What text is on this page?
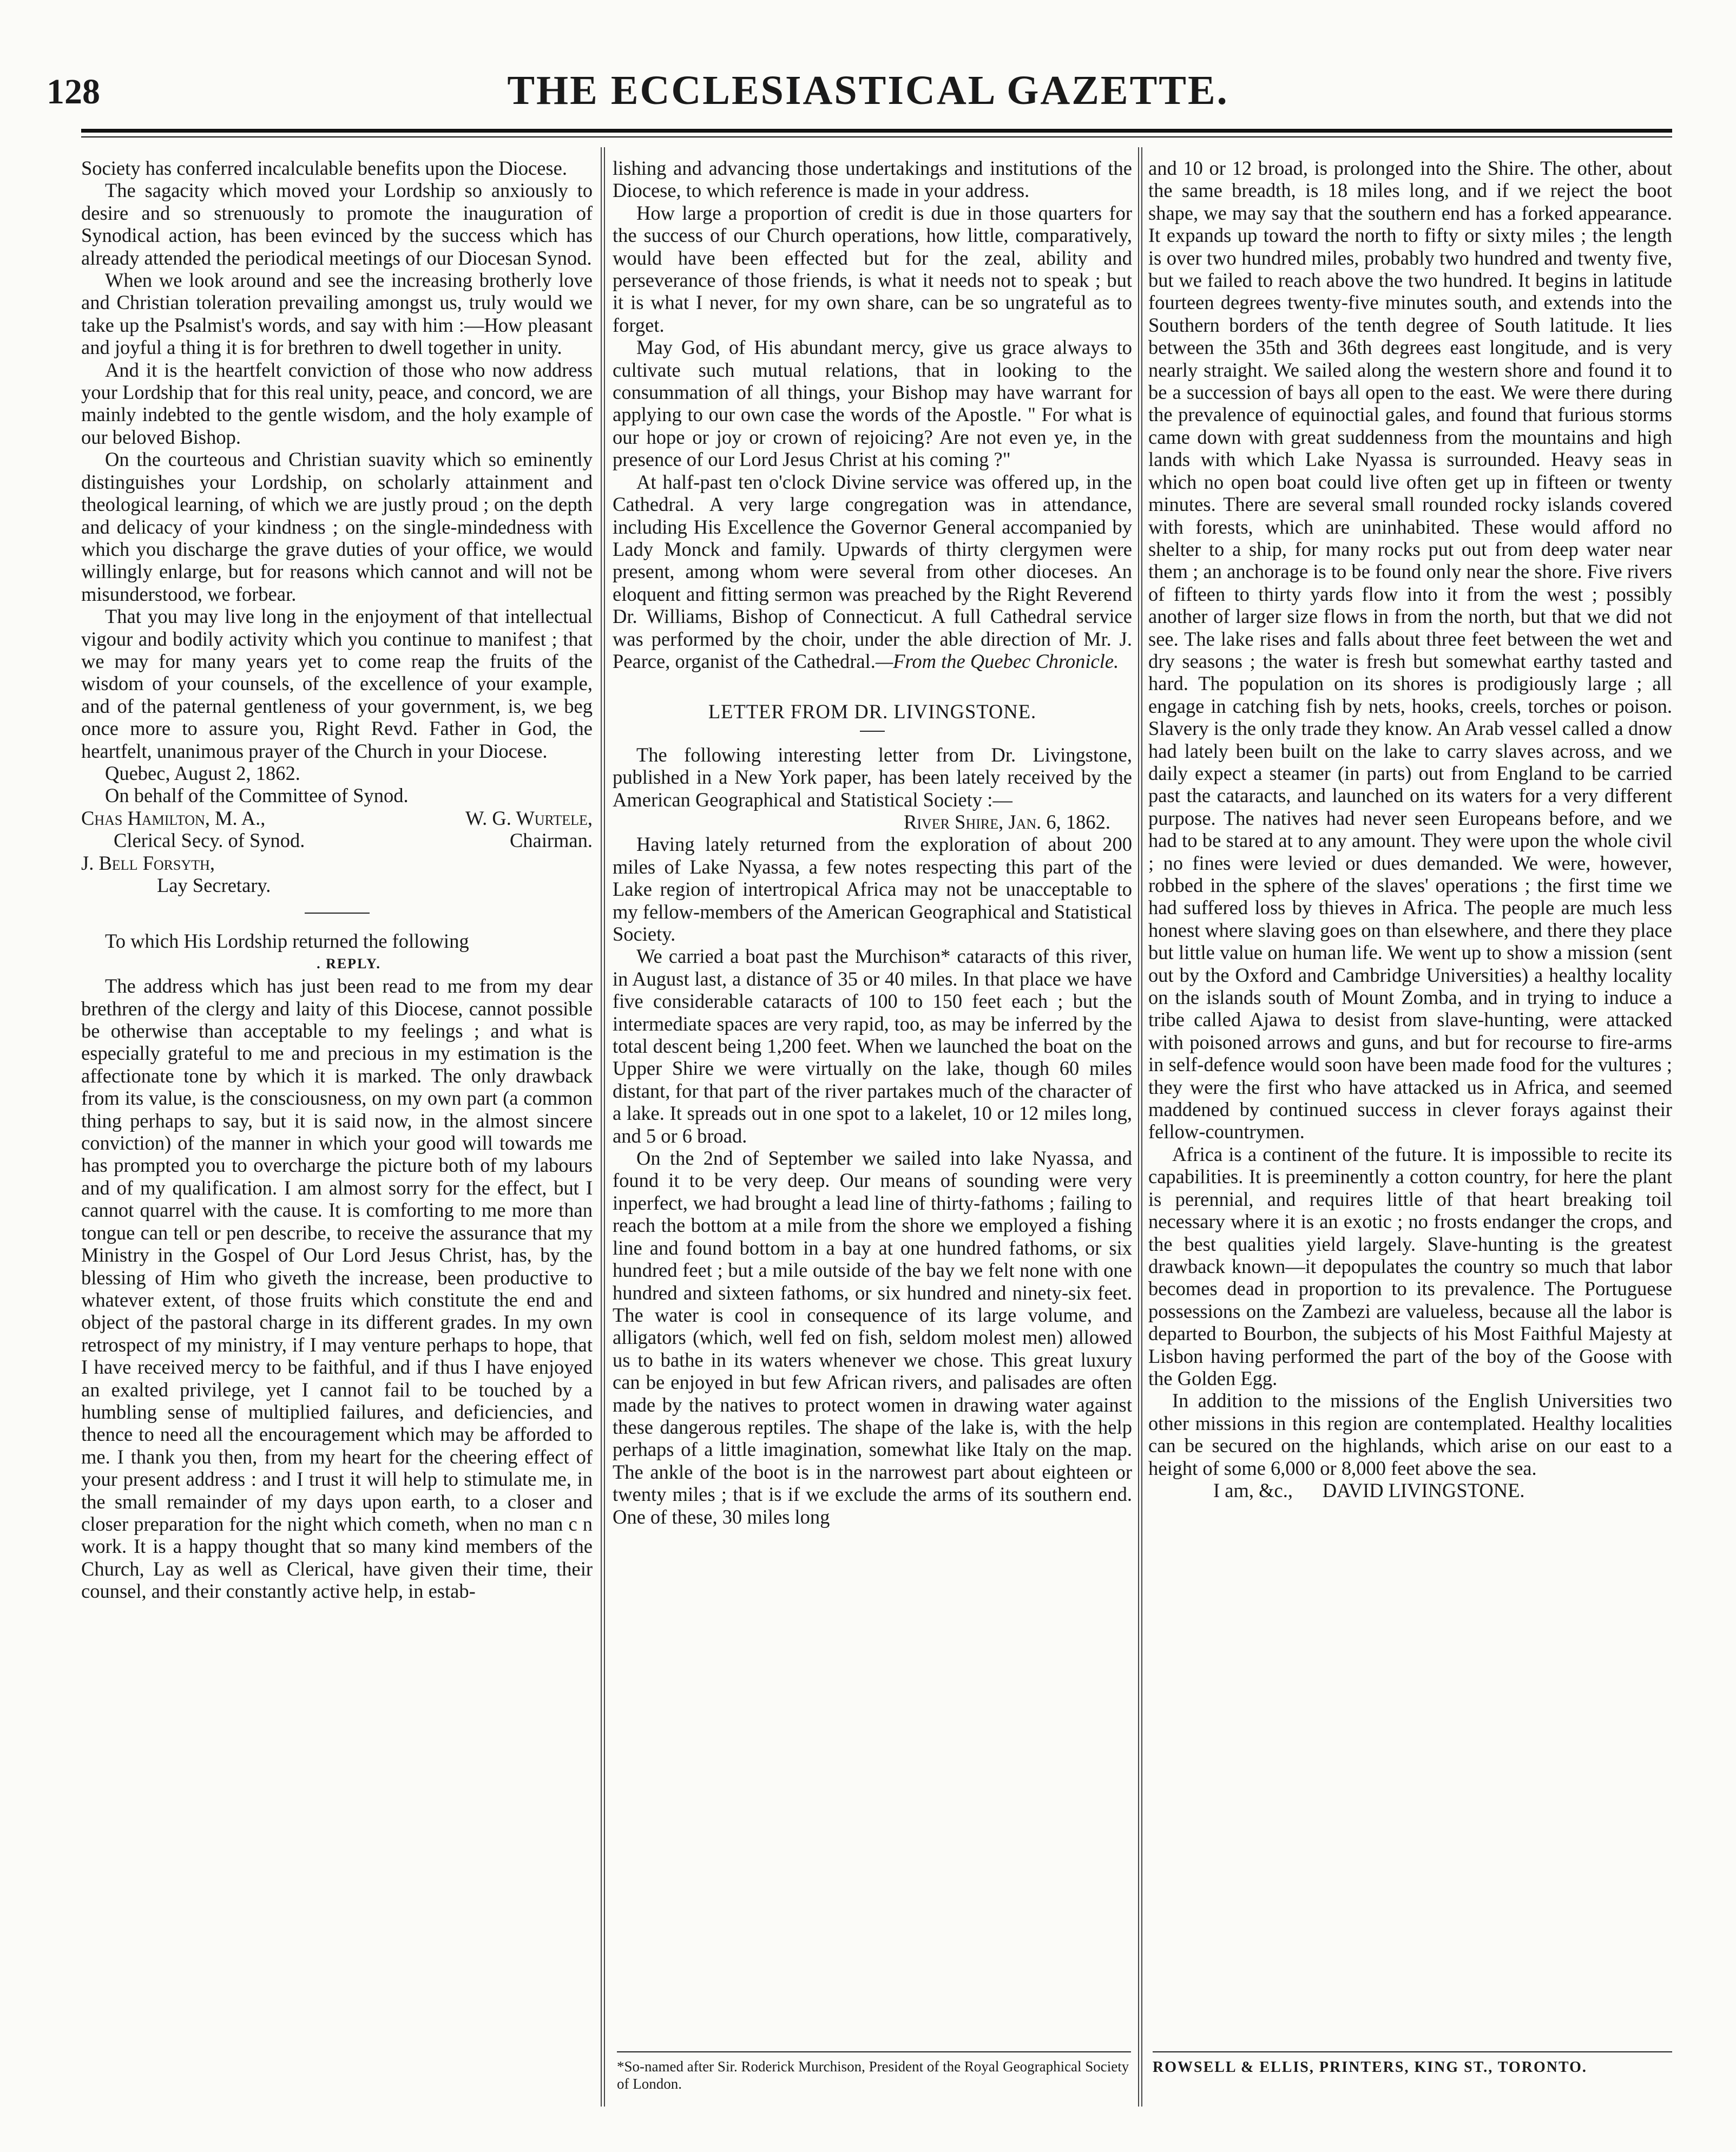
128	THE ECCLESIASTICAL GAZETTE.

Society has conferred incalculable benefits upon the Diocese.

The sagacity which moved your Lordship so anxiously to desire and so strenuously to promote the inauguration of Synodical action, has been evinced by the success which has already attended the periodical meetings of our Diocesan Synod.

When we look around and see the increasing brotherly love and Christian toleration prevailing amongst us, truly would we take up the Psalmist's words, and say with him :—How pleasant and joyful a thing it is for brethren to dwell together in unity.

And it is the heartfelt conviction of those who now address your Lordship that for this real unity, peace, and concord, we are mainly indebted to the gentle wisdom, and the holy example of our beloved Bishop.

On the courteous and Christian suavity which so eminently distinguishes your Lordship, on scholarly attainment and theological learning, of which we are justly proud ; on the depth and delicacy of your kindness ; on the single-mindedness with which you discharge the grave duties of your office, we would willingly enlarge, but for reasons which cannot and will not be misunderstood, we forbear.

That you may live long in the enjoyment of that intellectual vigour and bodily activity which you continue to manifest ; that we may for many years yet to come reap the fruits of the wisdom of your counsels, of the excellence of your example, and of the paternal gentleness of your government, is, we beg once more to assure you, Right Revd. Father in God, the heartfelt, unanimous prayer of the Church in your Diocese.

Quebec, August 2, 1862.

On behalf of the Committee of Synod.

Chas Hamilton, M. A.,	W. G. Wurtele,
Clerical Secy. of Synod.	Chairman.

J. Bell Forsyth,

Lay Secretary.

To which His Lordship returned the following

. REPLY.

The address which has just been read to me from my dear brethren of the clergy and laity of this Diocese, cannot possible be otherwise than acceptable to my feelings ; and what is especially grateful to me and precious in my estimation is the affectionate tone by which it is marked. The only drawback from its value, is the consciousness, on my own part (a common thing perhaps to say, but it is said now, in the almost sincere conviction) of the manner in which your good will towards me has prompted you to overcharge the picture both of my labours and of my qualification. I am almost sorry for the effect, but I cannot quarrel with the cause. It is comforting to me more than tongue can tell or pen describe, to receive the assurance that my Ministry in the Gospel of Our Lord Jesus Christ, has, by the blessing of Him who giveth the increase, been productive to whatever extent, of those fruits which constitute the end and object of the pastoral charge in its different grades. In my own retrospect of my ministry, if I may venture perhaps to hope, that I have received mercy to be faithful, and if thus I have enjoyed an exalted privilege, yet I cannot fail to be touched by a humbling sense of multiplied failures, and deficiencies, and thence to need all the encouragement which may be afforded to me. I thank you then, from my heart for the cheering effect of your present address : and I trust it will help to stimulate me, in the small remainder of my days upon earth, to a closer and closer preparation for the night which cometh, when no man c n work. It is a happy thought that so many kind members of the Church, Lay as well as Clerical, have given their time, their counsel, and their constantly active help, in estab-

lishing and advancing those undertakings and institutions of the Diocese, to which reference is made in your address.

How large a proportion of credit is due in those quarters for the success of our Church operations, how little, comparatively, would have been effected but for the zeal, ability and perseverance of those friends, is what it needs not to speak ; but it is what I never, for my own share, can be so ungrateful as to forget.

May God, of His abundant mercy, give us grace always to cultivate such mutual relations, that in looking to the consummation of all things, your Bishop may have warrant for applying to our own case the words of the Apostle. " For what is our hope or joy or crown of rejoicing? Are not even ye, in the presence of our Lord Jesus Christ at his coming ?"

At half-past ten o'clock Divine service was offered up, in the Cathedral. A very large congregation was in attendance, including His Excellence the Governor General accompanied by Lady Monck and family. Upwards of thirty clergymen were present, among whom were several from other dioceses. An eloquent and fitting sermon was preached by the Right Reverend Dr. Williams, Bishop of Connecticut. A full Cathedral service was performed by the choir, under the able direction of Mr. J. Pearce, organist of the Cathedral.—From the Quebec Chronicle.

LETTER FROM DR. LIVINGSTONE.

The following interesting letter from Dr. Livingstone, published in a New York paper, has been lately received by the American Geographical and Statistical Society :—

River Shire, Jan. 6, 1862.

Having lately returned from the exploration of about 200 miles of Lake Nyassa, a few notes respecting this part of the Lake region of intertropical Africa may not be unacceptable to my fellow-members of the American Geographical and Statistical Society.

We carried a boat past the Murchison* cataracts of this river, in August last, a distance of 35 or 40 miles. In that place we have five considerable cataracts of 100 to 150 feet each ; but the intermediate spaces are very rapid, too, as may be inferred by the total descent being 1,200 feet. When we launched the boat on the Upper Shire we were virtually on the lake, though 60 miles distant, for that part of the river partakes much of the character of a lake. It spreads out in one spot to a lakelet, 10 or 12 miles long, and 5 or 6 broad.

On the 2nd of September we sailed into lake Nyassa, and found it to be very deep. Our means of sounding were very inperfect, we had brought a lead line of thirty-fathoms ; failing to reach the bottom at a mile from the shore we employed a fishing line and found bottom in a bay at one hundred fathoms, or six hundred feet ; but a mile outside of the bay we felt none with one hundred and sixteen fathoms, or six hundred and ninety-six feet. The water is cool in consequence of its large volume, and alligators (which, well fed on fish, seldom molest men) allowed us to bathe in its waters whenever we chose. This great luxury can be enjoyed in but few African rivers, and palisades are often made by the natives to protect women in drawing water against these dangerous reptiles. The shape of the lake is, with the help perhaps of a little imagination, somewhat like Italy on the map. The ankle of the boot is in the narrowest part about eighteen or twenty miles ; that is if we exclude the arms of its southern end. One of these, 30 miles long

and 10 or 12 broad, is prolonged into the Shire. The other, about the same breadth, is 18 miles long, and if we reject the boot shape, we may say that the southern end has a forked appearance. It expands up toward the north to fifty or sixty miles ; the length is over two hundred miles, probably two hundred and twenty five, but we failed to reach above the two hundred. It begins in latitude fourteen degrees twenty-five minutes south, and extends into the Southern borders of the tenth degree of South latitude. It lies between the 35th and 36th degrees east longitude, and is very nearly straight. We sailed along the western shore and found it to be a succession of bays all open to the east. We were there during the prevalence of equinoctial gales, and found that furious storms came down with great suddenness from the mountains and high lands with which Lake Nyassa is surrounded. Heavy seas in which no open boat could live often get up in fifteen or twenty minutes. There are several small rounded rocky islands covered with forests, which are uninhabited. These would afford no shelter to a ship, for many rocks put out from deep water near them ; an anchorage is to be found only near the shore. Five rivers of fifteen to thirty yards flow into it from the west ; possibly another of larger size flows in from the north, but that we did not see. The lake rises and falls about three feet between the wet and dry seasons ; the water is fresh but somewhat earthy tasted and hard. The population on its shores is prodigiously large ; all engage in catching fish by nets, hooks, creels, torches or poison. Slavery is the only trade they know. An Arab vessel called a dnow had lately been built on the lake to carry slaves across, and we daily expect a steamer (in parts) out from England to be carried past the cataracts, and launched on its waters for a very different purpose. The natives had never seen Europeans before, and we had to be stared at to any amount. They were upon the whole civil ; no fines were levied or dues demanded. We were, however, robbed in the sphere of the slaves' operations ; the first time we had suffered loss by thieves in Africa. The people are much less honest where slaving goes on than elsewhere, and there they place but little value on human life. We went up to show a mission (sent out by the Oxford and Cambridge Universities) a healthy locality on the islands south of Mount Zomba, and in trying to induce a tribe called Ajawa to desist from slave-hunting, were attacked with poisoned arrows and guns, and but for recourse to fire-arms in self-defence would soon have been made food for the vultures ; they were the first who have attacked us in Africa, and seemed maddened by continued success in clever forays against their fellow-countrymen.

Africa is a continent of the future. It is impossible to recite its capabilities. It is preeminently a cotton country, for here the plant is perennial, and requires little of that heart breaking toil necessary where it is an exotic ; no frosts endanger the crops, and the best qualities yield largely. Slave-hunting is the greatest drawback known—it depopulates the country so much that labor becomes dead in proportion to its prevalence. The Portuguese possessions on the Zambezi are valueless, because all the labor is departed to Bourbon, the subjects of his Most Faithful Majesty at Lisbon having performed the part of the boy of the Goose with the Golden Egg.

In addition to the missions of the English Universities two other missions in this region are contemplated. Healthy localities can be secured on the highlands, which arise on our east to a height of some 6,000 or 8,000 feet above the sea.

I am, &c., DAVID LIVINGSTONE.

*So-named after Sir. Roderick Murchison, President of the Royal Geographical Society of London.
ROWSELL & ELLIS, PRINTERS, KING ST., TORONTO.
